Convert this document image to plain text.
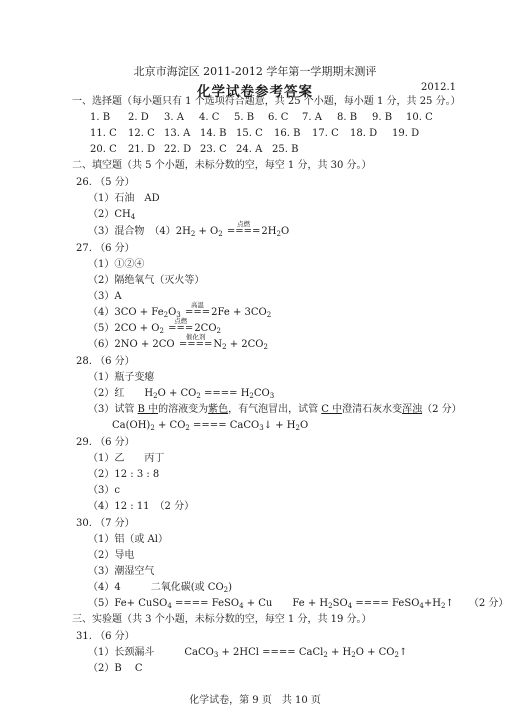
北京市海淀区 2011-2012 学年第一学期期末测评
化学试卷参考答案	2012.1
一、选择题（每小题只有 1 个选项符合题意，共 25 个小题，每小题 1 分，共 25 分。）
1. B 2. D 3. A 4. C 5. B 6. C 7. A 8. B 9. B 10. C
11. C 12. C 13. A 14. B 15. C 16. B 17. C 18. D 19. D
20. C 21. D 22. D 23. C 24. A 25. B
二、填空题（共 5 个小题，未标分数的空，每空 1 分，共 30 分。）
26. （5 分）
（1）石油　AD
$(2)CH_4$
（3）混合物　$(4)2H_2 + O_2$
点燃
$====2H_2O$
27. （6 分）
（1）①②④
（2）隔绝氧气（灭火等）
（3）A
$(4)3CO + Fe_2O_3$
高温
$===2Fe + 3CO_2$
$(5)2CO + O_2$
点燃
$===2CO_2$
（6）2NO + 2CO
催化剂
$====N_2 + 2CO_2$
28. （6 分）
（1）瓶子变瘪
（2）红　　$H_2O + CO_2$ ==== $H_2CO_3$
（3）试管 B 中的溶液变为紫色，有气泡冒出，试管 C 中澄清石灰水变浑浊（2 分）
$Ca(OH)_2 + CO_2$ ==== CaCO$_3$↓ + $H_2O$
29. （6 分）
（1）乙　　丙丁
（2）12 : 3 : 8
（3）c
（4）12 : 11　（2 分）
30. （7 分）
（1）铝（或 Al）
（2）导电
（3）潮湿空气
（4）4　　　二氧化碳(或 $CO_2$)
（5）Fe+ CuSO$_4$ ==== FeSO$_4$ + Cu　　$Fe + H_2SO_4$ ==== $FeSO_4+H_2↑$　　（2 分）
三、实验题（共 3 个小题，未标分数的空，每空 1 分，共 19 分。）
31. （6 分）
（1）长颈漏斗　　　CaCO$_3$ + 2HCl ==== CaCl$_2$ + $H_2O$ + $CO_2↑$
（2）B　 C
化学试卷，第 9 页　共 10 页
